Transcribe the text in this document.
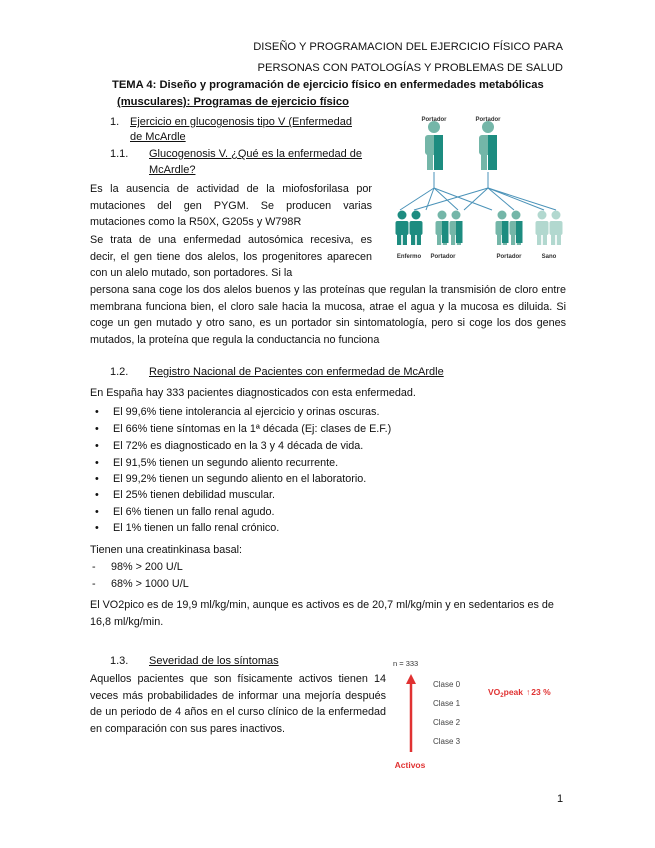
DISEÑO Y PROGRAMACION DEL EJERCICIO FÍSICO PARA
PERSONAS CON PATOLOGÍAS Y PROBLEMAS DE SALUD
TEMA 4: Diseño y programación de ejercicio físico en enfermedades metabólicas
(musculares): Programas de ejercicio físico
1. Ejercicio en glucogenosis tipo V (Enfermedad
de McArdle
1.1. Glucogenosis V. ¿Qué es la enfermedad de
McArdle?
Es la ausencia de actividad de la miofosforilasa por mutaciones del gen PYGM. Se producen varias mutaciones como la R50X, G205s y W798R
Se trata de una enfermedad autosómica recesiva, es decir, el gen tiene dos alelos, los progenitores aparecen con un alelo mutado, son portadores. Si la
persona sana coge los dos alelos buenos y las proteínas que regulan la transmisión de cloro entre membrana funciona bien, el cloro sale hacia la mucosa, atrae el agua y la mucosa es diluida. Si coge un gen mutado y otro sano, es un portador sin sintomatología, pero si coge los dos genes mutados, la proteína que regula la conductancia no funciona
Portador	Portador
Enfermo Portador	Portador	Sano
1.2. Registro Nacional de Pacientes con enfermedad de McArdle
En España hay 333 pacientes diagnosticados con esta enfermedad.
• El 99,6% tiene intolerancia al ejercicio y orinas oscuras.
• El 66% tiene síntomas en la 1ª década (Ej: clases de E.F.)
• El 72% es diagnosticado en la 3 y 4 década de vida.
• El 91,5% tienen un segundo aliento recurrente.
• El 99,2% tienen un segundo aliento en el laboratorio.
• El 25% tienen debilidad muscular.
• El 6% tienen un fallo renal agudo.
• El 1% tienen un fallo renal crónico.
Tienen una creatinkinasa basal:
- 98% > 200 U/L
- 68% > 1000 U/L
El VO2pico es de 19,9 ml/kg/min, aunque es activos es de 20,7 ml/kg/min y en sedentarios es de 16,8 ml/kg/min.
1.3. Severidad de los síntomas
Aquellos pacientes que son físicamente activos tienen 14 veces más probabilidades de informar una mejoría después de un periodo de 4 años en el curso clínico de la enfermedad en comparación con sus pares inactivos.
n = 333
Clase 0
Clase 1
Clase 2
Clase 3
$VO_2peak$ ↑23 %
Activos
1
